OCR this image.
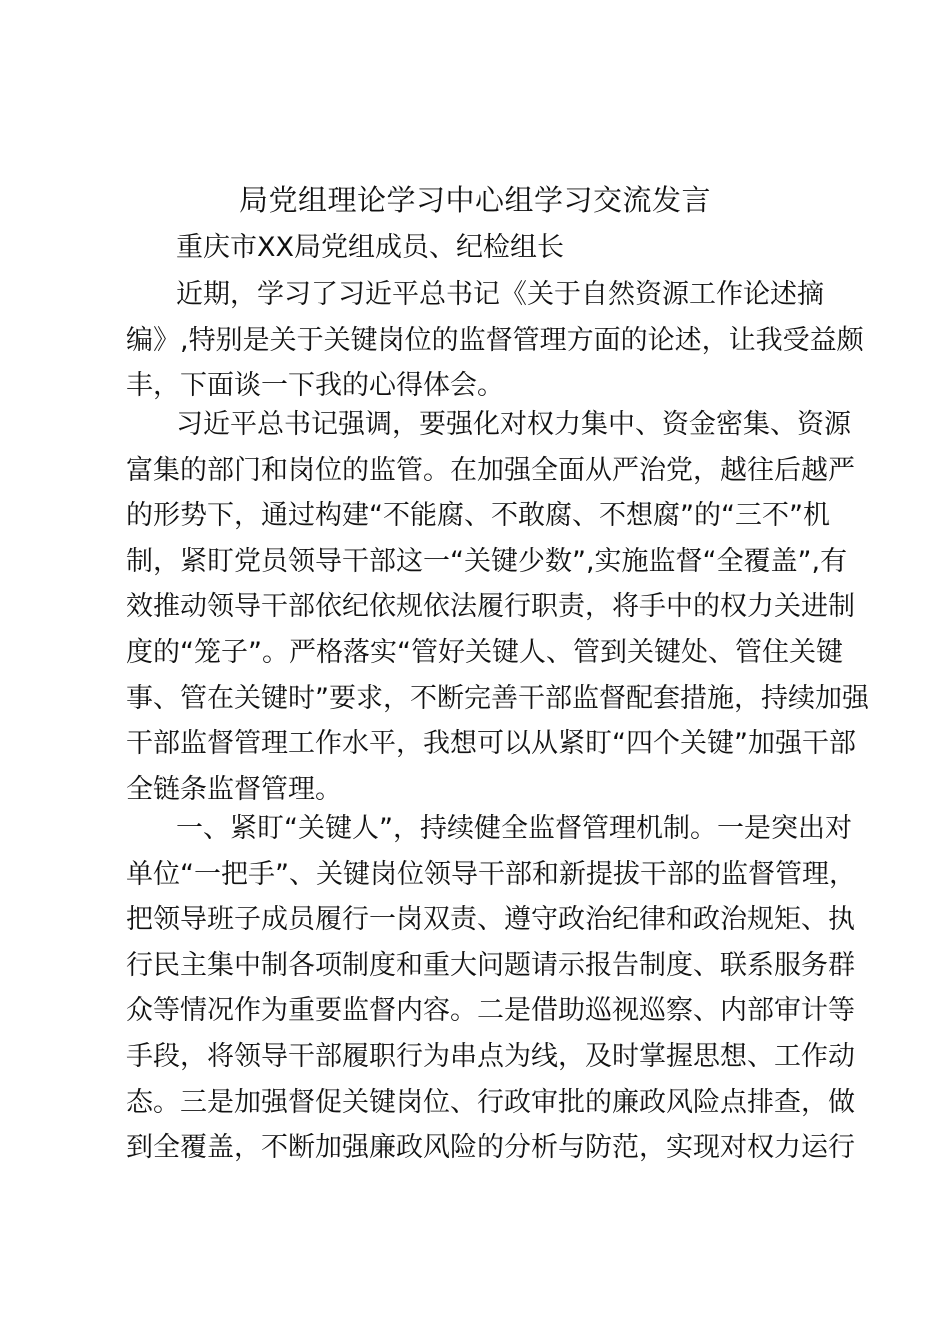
局党组理论学习中心组学习交流发言
重庆市XX局党组成员、纪检组长
近期，学习了习近平总书记《关于自然资源工作论述摘
编》,特别是关于关键岗位的监督管理方面的论述，让我受益颇
丰，下面谈一下我的心得体会。
习近平总书记强调，要强化对权力集中、资金密集、资源
富集的部门和岗位的监管。在加强全面从严治党，越往后越严
的形势下，通过构建“不能腐、不敢腐、不想腐”的“三不”机
制，紧盯党员领导干部这一“关键少数”,实施监督“全覆盖”,有
效推动领导干部依纪依规依法履行职责，将手中的权力关进制
度的“笼子”。严格落实“管好关键人、管到关键处、管住关键
事、管在关键时”要求，不断完善干部监督配套措施，持续加强
干部监督管理工作水平，我想可以从紧盯“四个关键”加强干部
全链条监督管理。
一、紧盯“关键人”，持续健全监督管理机制。一是突出对
单位“一把手”、关键岗位领导干部和新提拔干部的监督管理，
把领导班子成员履行一岗双责、遵守政治纪律和政治规矩、执
行民主集中制各项制度和重大问题请示报告制度、联系服务群
众等情况作为重要监督内容。二是借助巡视巡察、内部审计等
手段，将领导干部履职行为串点为线，及时掌握思想、工作动
态。三是加强督促关键岗位、行政审批的廉政风险点排查，做
到全覆盖，不断加强廉政风险的分析与防范，实现对权力运行
